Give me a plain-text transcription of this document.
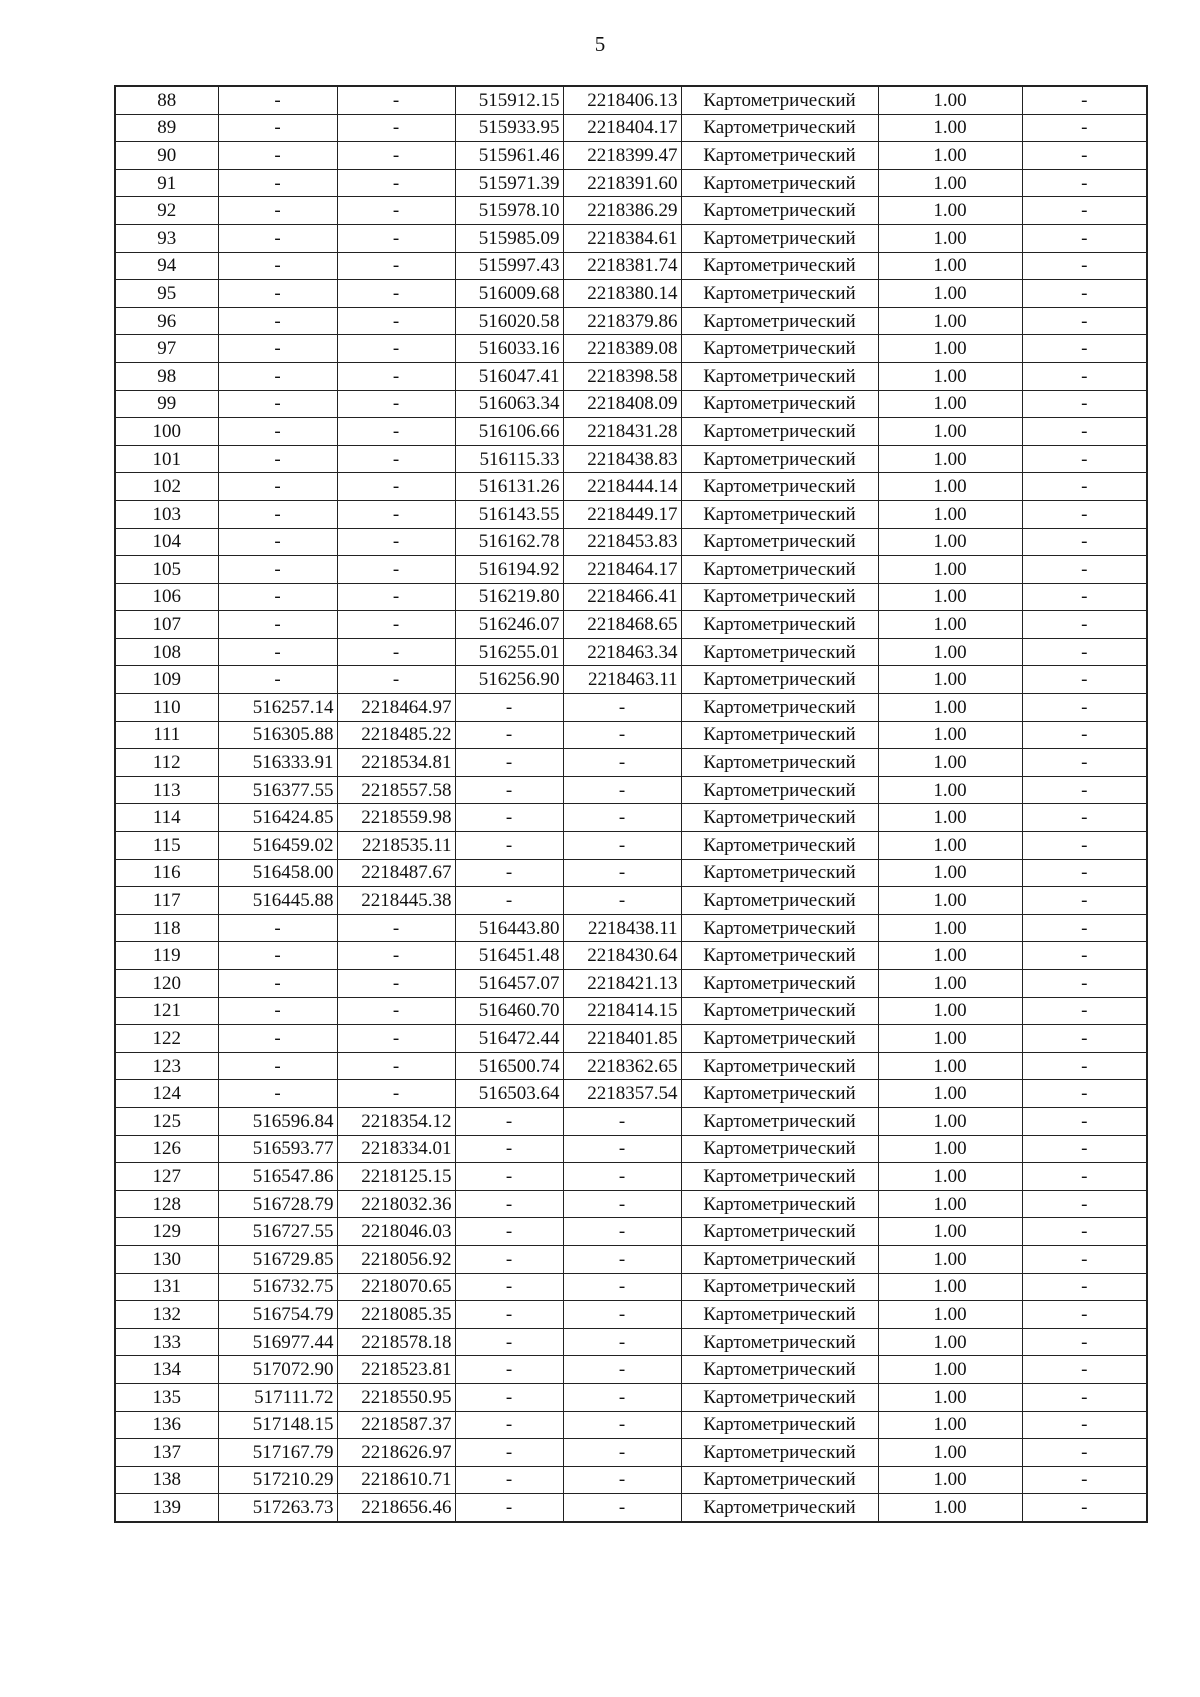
5
88	-	-	515912.15	2218406.13	Картометрический	1.00	-
89	-	-	515933.95	2218404.17	Картометрический	1.00	-
90	-	-	515961.46	2218399.47	Картометрический	1.00	-
91	-	-	515971.39	2218391.60	Картометрический	1.00	-
92	-	-	515978.10	2218386.29	Картометрический	1.00	-
93	-	-	515985.09	2218384.61	Картометрический	1.00	-
94	-	-	515997.43	2218381.74	Картометрический	1.00	-
95	-	-	516009.68	2218380.14	Картометрический	1.00	-
96	-	-	516020.58	2218379.86	Картометрический	1.00	-
97	-	-	516033.16	2218389.08	Картометрический	1.00	-
98	-	-	516047.41	2218398.58	Картометрический	1.00	-
99	-	-	516063.34	2218408.09	Картометрический	1.00	-
100	-	-	516106.66	2218431.28	Картометрический	1.00	-
101	-	-	516115.33	2218438.83	Картометрический	1.00	-
102	-	-	516131.26	2218444.14	Картометрический	1.00	-
103	-	-	516143.55	2218449.17	Картометрический	1.00	-
104	-	-	516162.78	2218453.83	Картометрический	1.00	-
105	-	-	516194.92	2218464.17	Картометрический	1.00	-
106	-	-	516219.80	2218466.41	Картометрический	1.00	-
107	-	-	516246.07	2218468.65	Картометрический	1.00	-
108	-	-	516255.01	2218463.34	Картометрический	1.00	-
109	-	-	516256.90	2218463.11	Картометрический	1.00	-
110	516257.14	2218464.97	-	-	Картометрический	1.00	-
111	516305.88	2218485.22	-	-	Картометрический	1.00	-
112	516333.91	2218534.81	-	-	Картометрический	1.00	-
113	516377.55	2218557.58	-	-	Картометрический	1.00	-
114	516424.85	2218559.98	-	-	Картометрический	1.00	-
115	516459.02	2218535.11	-	-	Картометрический	1.00	-
116	516458.00	2218487.67	-	-	Картометрический	1.00	-
117	516445.88	2218445.38	-	-	Картометрический	1.00	-
118	-	-	516443.80	2218438.11	Картометрический	1.00	-
119	-	-	516451.48	2218430.64	Картометрический	1.00	-
120	-	-	516457.07	2218421.13	Картометрический	1.00	-
121	-	-	516460.70	2218414.15	Картометрический	1.00	-
122	-	-	516472.44	2218401.85	Картометрический	1.00	-
123	-	-	516500.74	2218362.65	Картометрический	1.00	-
124	-	-	516503.64	2218357.54	Картометрический	1.00	-
125	516596.84	2218354.12	-	-	Картометрический	1.00	-
126	516593.77	2218334.01	-	-	Картометрический	1.00	-
127	516547.86	2218125.15	-	-	Картометрический	1.00	-
128	516728.79	2218032.36	-	-	Картометрический	1.00	-
129	516727.55	2218046.03	-	-	Картометрический	1.00	-
130	516729.85	2218056.92	-	-	Картометрический	1.00	-
131	516732.75	2218070.65	-	-	Картометрический	1.00	-
132	516754.79	2218085.35	-	-	Картометрический	1.00	-
133	516977.44	2218578.18	-	-	Картометрический	1.00	-
134	517072.90	2218523.81	-	-	Картометрический	1.00	-
135	517111.72	2218550.95	-	-	Картометрический	1.00	-
136	517148.15	2218587.37	-	-	Картометрический	1.00	-
137	517167.79	2218626.97	-	-	Картометрический	1.00	-
138	517210.29	2218610.71	-	-	Картометрический	1.00	-
139	517263.73	2218656.46	-	-	Картометрический	1.00	-
